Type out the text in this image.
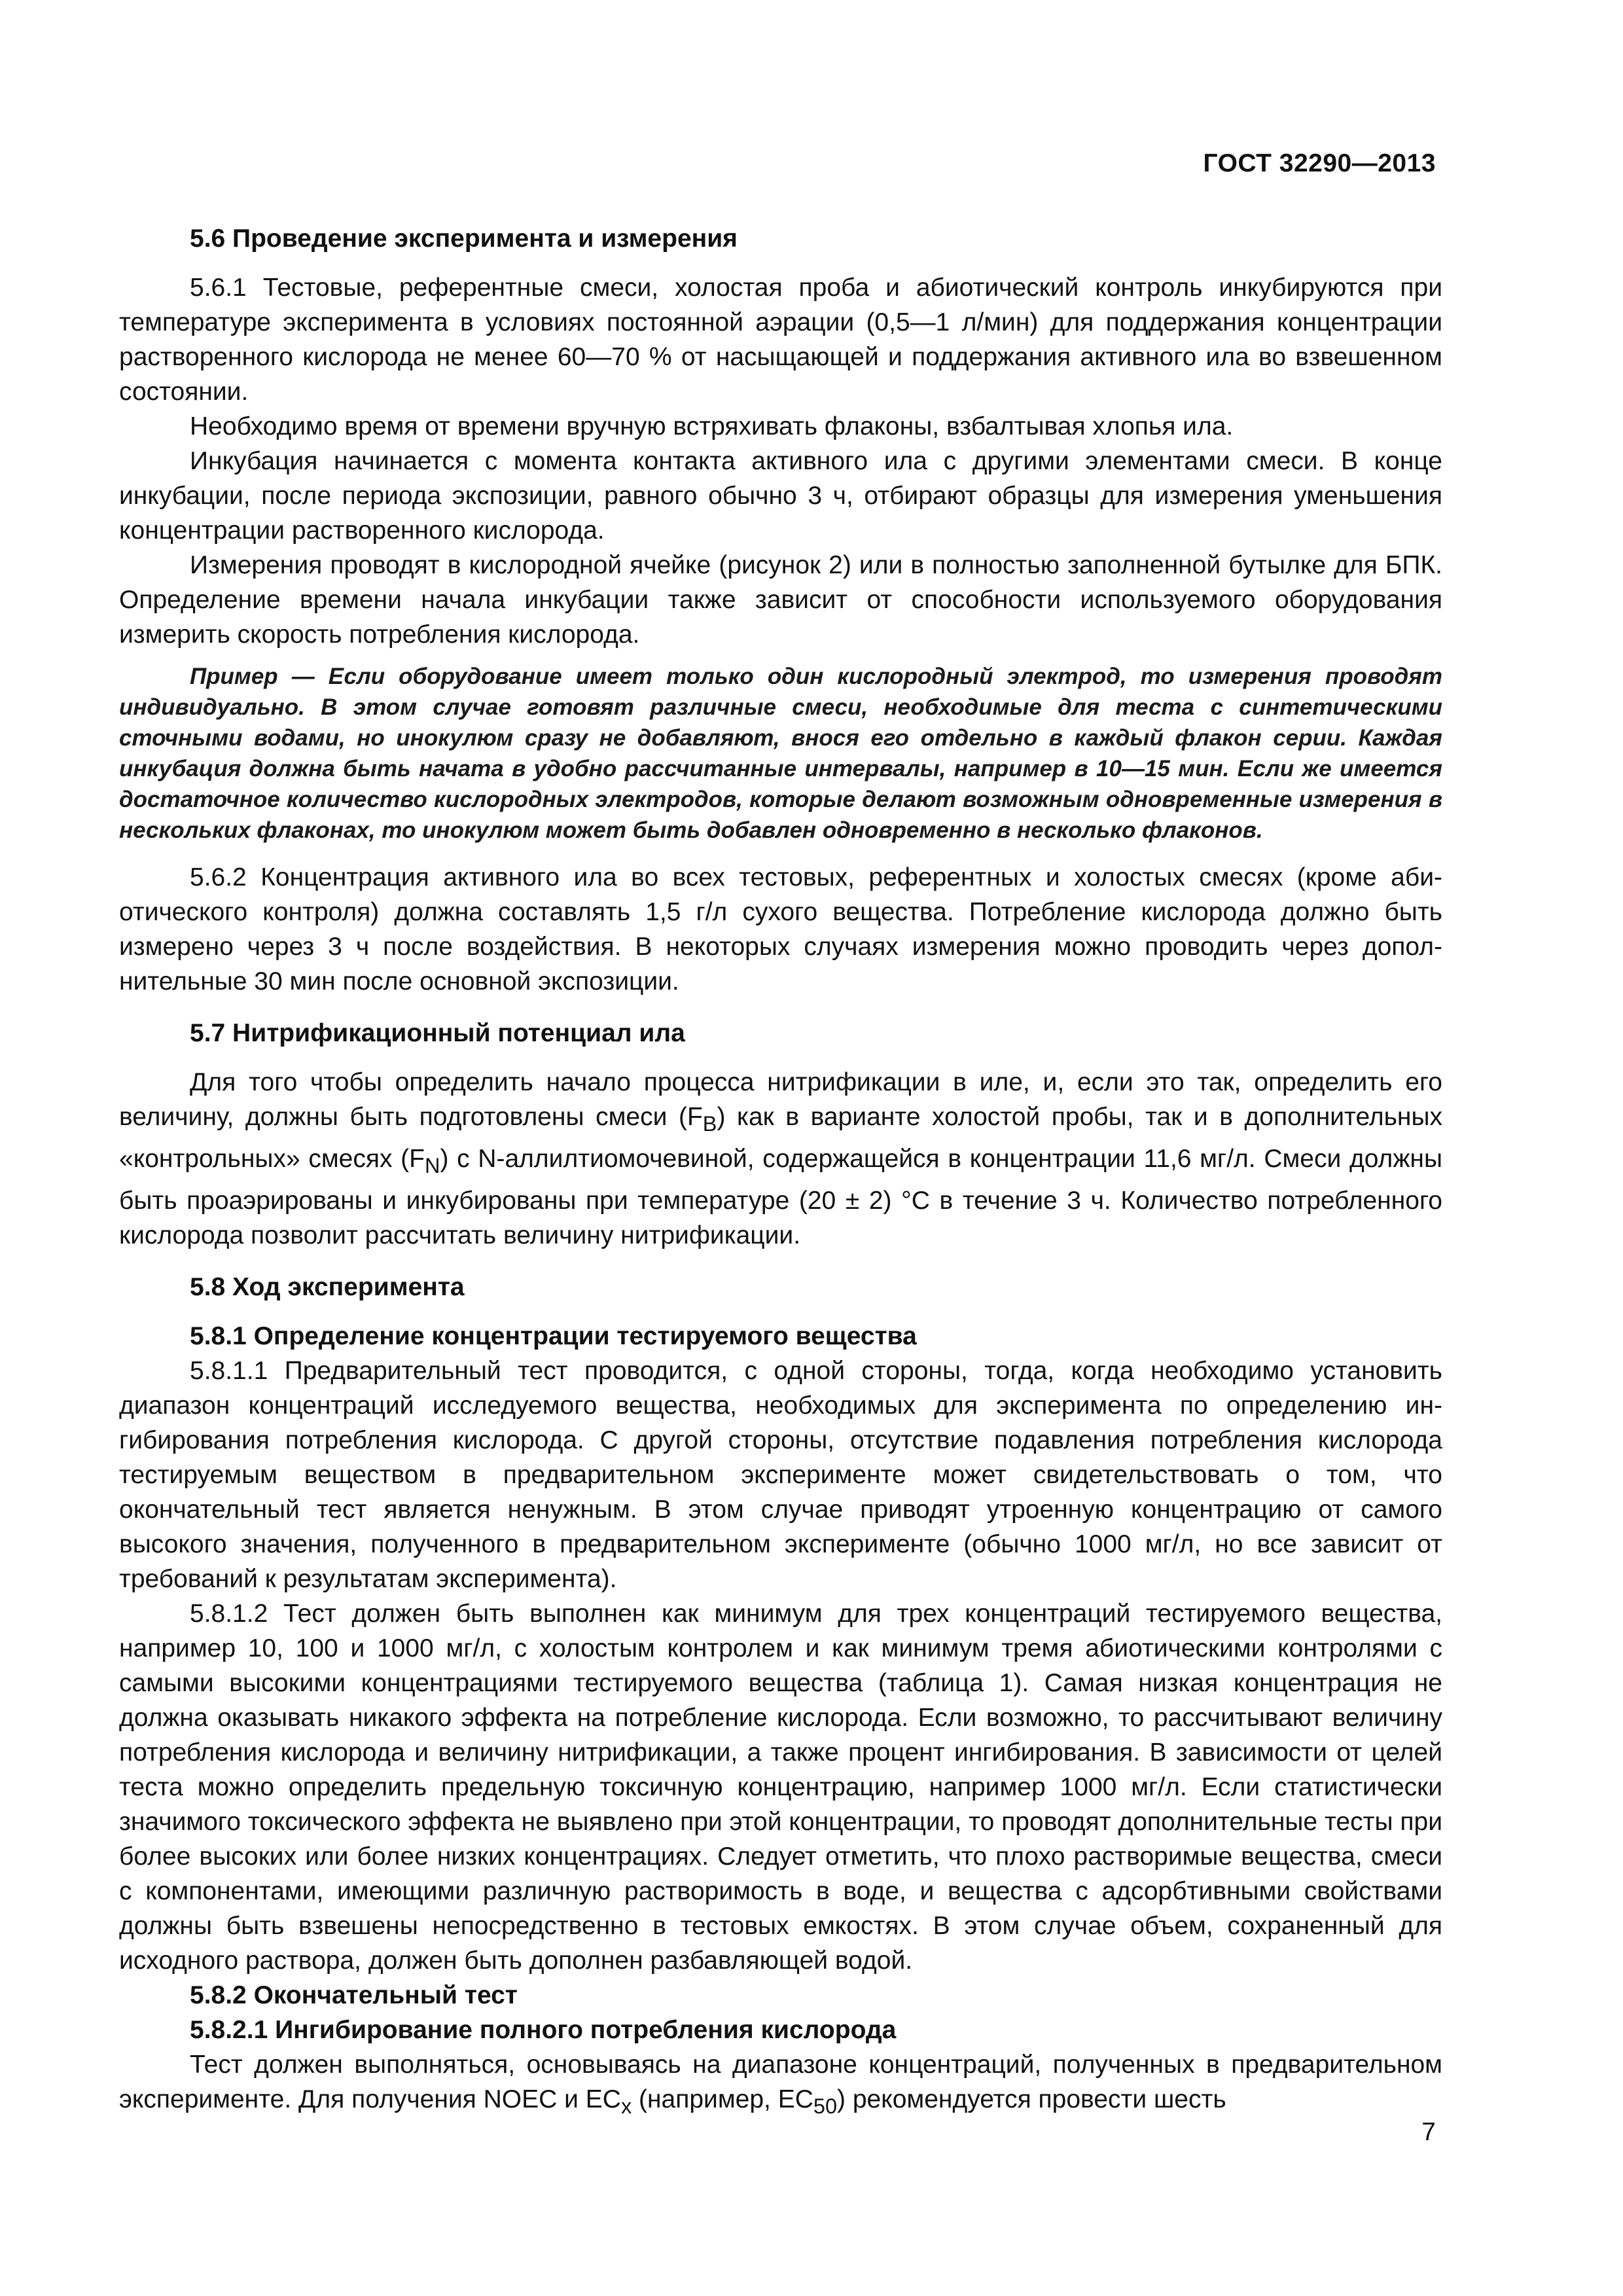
ГОСТ 32290—2013
5.6 Проведение эксперимента и измерения

5.6.1 Тестовые, референтные смеси, холостая проба и абиотический контроль инкубируются при температуре эксперимента в условиях постоянной аэрации (0,5—1 л/мин) для поддержания концентрации растворенного кислорода не менее 60—70 % от насыщающей и поддержания активного ила во взвешенном состоянии.

Необходимо время от времени вручную встряхивать флаконы, взбалтывая хлопья ила.

Инкубация начинается с момента контакта активного ила с другими элементами смеси. В конце инкубации, после периода экспозиции, равного обычно 3 ч, отбирают образцы для измерения уменьшения концентрации растворенного кислорода.

Измерения проводят в кислородной ячейке (рисунок 2) или в полностью заполненной бутылке для БПК. Определение времени начала инкубации также зависит от способности используемого оборудования измерить скорость потребления кислорода.

Пример — Если оборудование имеет только один кислородный электрод, то измерения проводят индивидуально. В этом случае готовят различные смеси, необходимые для теста с синтетическими сточными водами, но инокулюм сразу не добавляют, внося его отдельно в каждый флакон серии. Каждая инкубация должна быть начата в удобно рассчитанные интервалы, например в 10—15 мин. Если же имеется достаточное количество кислородных электродов, которые делают возможным одновременные измерения в нескольких флаконах, то инокулюм может быть добавлен одновременно в несколько флаконов.

5.6.2 Концентрация активного ила во всех тестовых, референтных и холостых смесях (кроме абиотического контроля) должна составлять 1,5 г/л сухого вещества. Потребление кислорода должно быть измерено через 3 ч после воздействия. В некоторых случаях измерения можно проводить через дополнительные 30 мин после основной экспозиции.

5.7 Нитрификационный потенциал ила

Для того чтобы определить начало процесса нитрификации в иле, и, если это так, определить его величину, должны быть подготовлены смеси $(F_B)$ как в варианте холостой пробы, так и в дополнительных «контрольных» смесях $(F_N)$ с N-аллилтиомочевиной, содержащейся в концентрации 11,6 мг/л. Смеси должны быть проаэрированы и инкубированы при температуре (20 ± 2) °С в течение 3 ч. Количество потребленного кислорода позволит рассчитать величину нитрификации.

5.8 Ход эксперимента
5.8.1 Определение концентрации тестируемого вещества

5.8.1.1 Предварительный тест проводится, с одной стороны, тогда, когда необходимо установить диапазон концентраций исследуемого вещества, необходимых для эксперимента по определению ингибирования потребления кислорода. С другой стороны, отсутствие подавления потребления кислорода тестируемым веществом в предварительном эксперименте может свидетельствовать о том, что окончательный тест является ненужным. В этом случае приводят утроенную концентрацию от самого высокого значения, полученного в предварительном эксперименте (обычно 1000 мг/л, но все зависит от требований к результатам эксперимента).

5.8.1.2 Тест должен быть выполнен как минимум для трех концентраций тестируемого вещества, например 10, 100 и 1000 мг/л, с холостым контролем и как минимум тремя абиотическими контролями с самыми высокими концентрациями тестируемого вещества (таблица 1). Самая низкая концентрация не должна оказывать никакого эффекта на потребление кислорода. Если возможно, то рассчитывают величину потребления кислорода и величину нитрификации, а также процент ингибирования. В зависимости от целей теста можно определить предельную токсичную концентрацию, например 1000 мг/л. Если статистически значимого токсического эффекта не выявлено при этой концентрации, то проводят дополнительные тесты при более высоких или более низких концентрациях. Следует отметить, что плохо растворимые вещества, смеси с компонентами, имеющими различную растворимость в воде, и вещества с адсорбтивными свойствами должны быть взвешены непосредственно в тестовых емкостях. В этом случае объем, сохраненный для исходного раствора, должен быть дополнен разбавляющей водой.

5.8.2 Окончательный тест
5.8.2.1 Ингибирование полного потребления кислорода

Тест должен выполняться, основываясь на диапазоне концентраций, полученных в предварительном эксперименте. Для получения NOEC и $EC_x$ (например, $EC_{50}$) рекомендуется провести шесть

7
